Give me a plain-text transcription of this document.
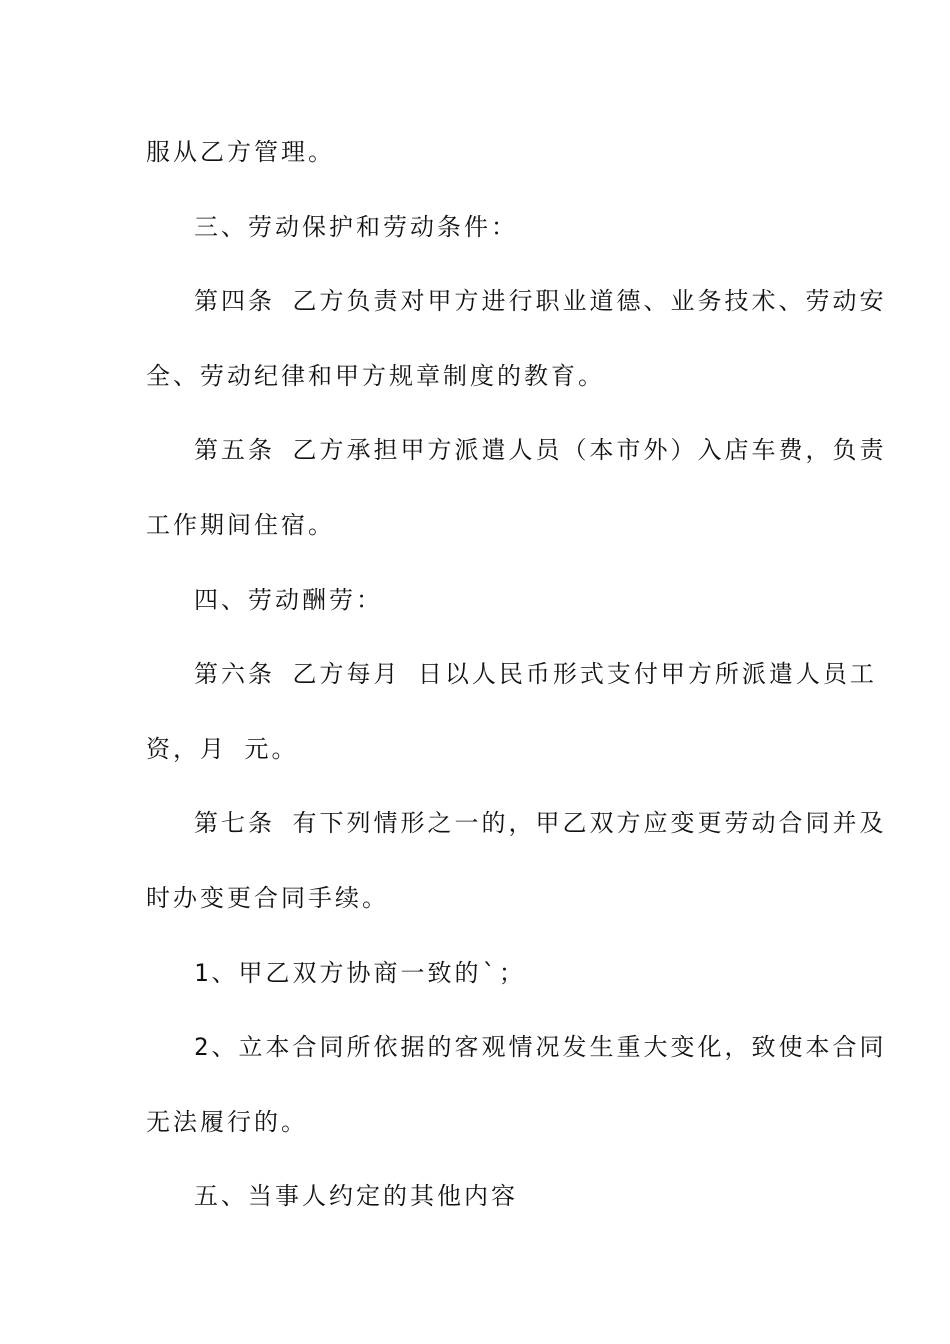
服从乙方管理。
三、劳动保护和劳动条件：
第四条 乙方负责对甲方进行职业道德、业务技术、劳动安
全、劳动纪律和甲方规章制度的教育。
第五条 乙方承担甲方派遣人员（本市外）入店车费，负责
工作期间住宿。
四、劳动酬劳：
第六条 乙方每月 日以人民币形式支付甲方所派遣人员工
资，月 元。
第七条 有下列情形之一的，甲乙双方应变更劳动合同并及
时办变更合同手续。
1、甲乙双方协商一致的`；
2、立本合同所依据的客观情况发生重大变化，致使本合同
无法履行的。
五、当事人约定的其他内容
